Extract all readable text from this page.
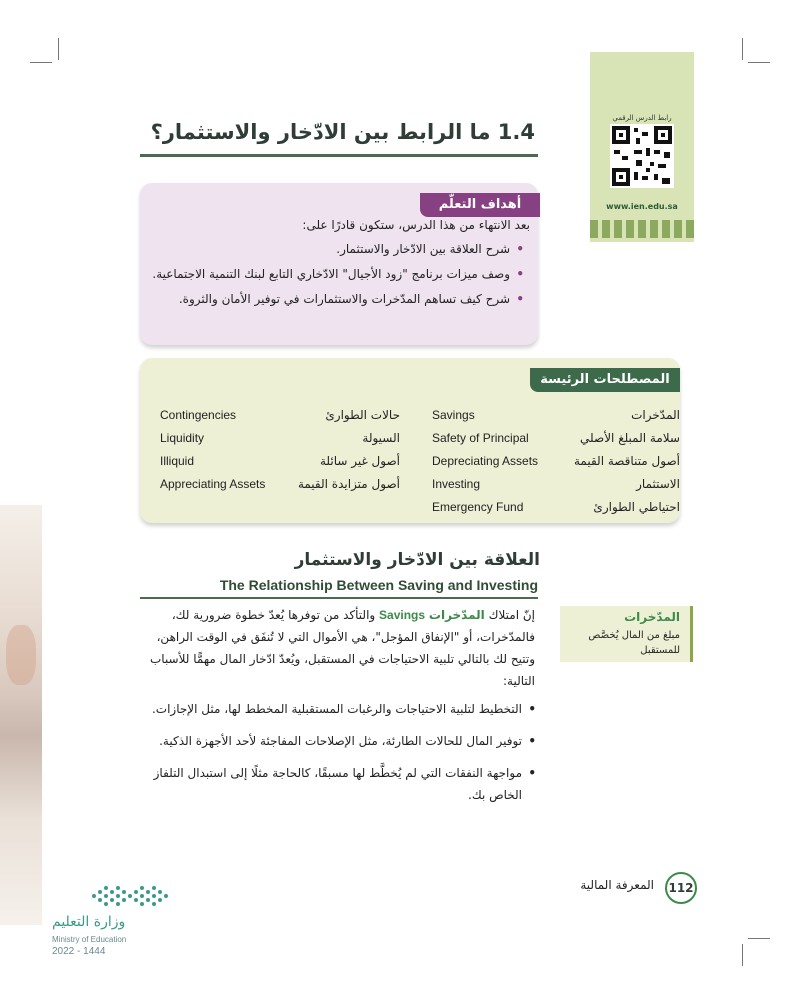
رابط الدرس الرقمي
www.ien.edu.sa
1.4 ما الرابط بين الادّخار والاستثمار؟
أهداف التعلّم
بعد الانتهاء من هذا الدرس، ستكون قادرًا على:
• شرح العلاقة بين الادّخار والاستثمار.
• وصف ميزات برنامج "زود الأجيال" الادّخاري التابع لبنك التنمية الاجتماعية.
• شرح كيف تساهم المدّخرات والاستثمارات في توفير الأمان والثروة.
المصطلحات الرئيسة
المدّخرات
Savings
سلامة المبلغ الأصلي
Safety of Principal
أصول متناقصة القيمة
Depreciating Assets
الاستثمار
Investing
احتياطي الطوارئ
Emergency Fund
حالات الطوارئ
Contingencies
السيولة
Liquidity
أصول غير سائلة
Illiquid
أصول متزايدة القيمة
Appreciating Assets
العلاقة بين الادّخار والاستثمار
The Relationship Between Saving and Investing
إنّ امتلاك المدّخرات Savings والتأكد من توفرها يُعدّ خطوة ضرورية لك، فالمدّخرات، أو "الإنفاق المؤجل"، هي الأموال التي لا تُنفَق في الوقت الراهن، وتتيح لك بالتالي تلبية الاحتياجات في المستقبل، ويُعدّ ادّخار المال مهمًّا للأسباب التالية:
• التخطيط لتلبية الاحتياجات والرغبات المستقبلية المخطط لها، مثل الإجازات.
• توفير المال للحالات الطارئة، مثل الإصلاحات المفاجئة لأحد الأجهزة الذكية.
• مواجهة النفقات التي لم يُخطَّط لها مسبقًا، كالحاجة مثلًا إلى استبدال التلفاز الخاص بك.
المدّخرات
مبلغ من المال يُخصَّص للمستقبل
112
المعرفة المالية
وزارة التعليم
Ministry of Education
2022 - 1444
